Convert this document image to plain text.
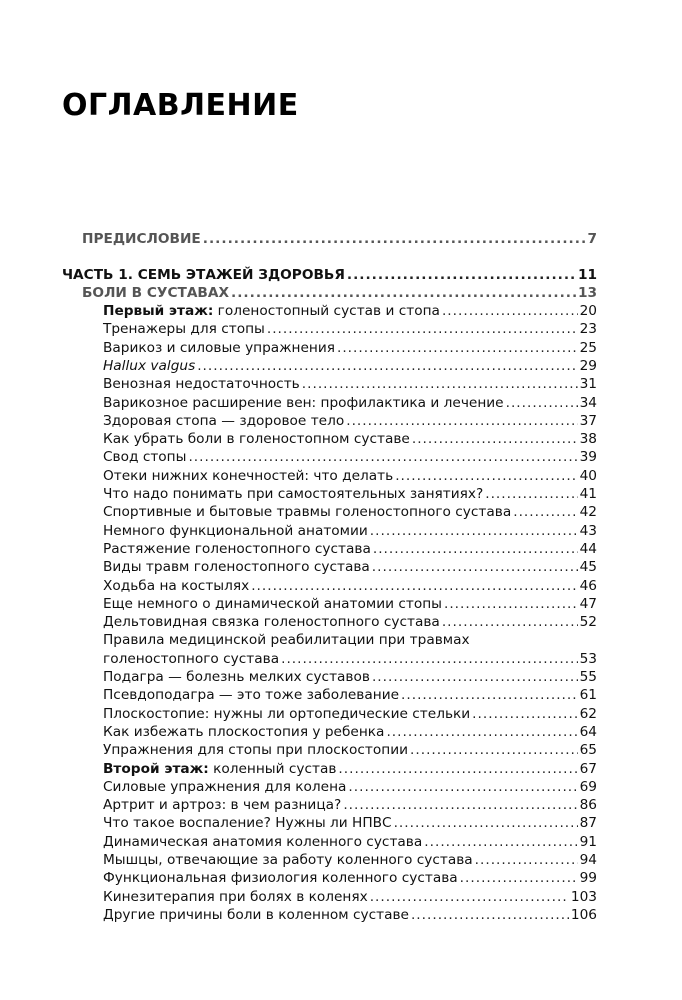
ОГЛАВЛЕНИЕ
ПРЕДИСЛОВИЕ .....	7
ЧАСТЬ 1. СЕМЬ ЭТАЖЕЙ ЗДОРОВЬЯ .....	11
БОЛИ В СУСТАВАХ .....	13
Первый этаж: голеностопный сустав и стопа .....	20
Тренажеры для стопы .....	23
Варикоз и силовые упражнения .....	25
Hallux valgus .....	29
Венозная недостаточность .....	31
Варикозное расширение вен: профилактика и лечение .....	34
Здоровая стопа — здоровое тело .....	37
Как убрать боли в голеностопном суставе .....	38
Свод стопы .....	39
Отеки нижних конечностей: что делать .....	40
Что надо понимать при самостоятельных занятиях? .....	41
Спортивные и бытовые травмы голеностопного сустава .....	42
Немного функциональной анатомии .....	43
Растяжение голеностопного сустава .....	44
Виды травм голеностопного сустава .....	45
Ходьба на костылях .....	46
Еще немного о динамической анатомии стопы .....	47
Дельтовидная связка голеностопного сустава .....	52
Правила медицинской реабилитации при травмах
голеностопного сустава .....	53
Подагра — болезнь мелких суставов .....	55
Псевдоподагра — это тоже заболевание .....	61
Плоскостопие: нужны ли ортопедические стельки .....	62
Как избежать плоскостопия у ребенка .....	64
Упражнения для стопы при плоскостопии .....	65
Второй этаж: коленный сустав .....	67
Силовые упражнения для колена .....	69
Артрит и артроз: в чем разница? .....	86
Что такое воспаление? Нужны ли НПВС .....	87
Динамическая анатомия коленного сустава .....	91
Мышцы, отвечающие за работу коленного сустава .....	94
Функциональная физиология коленного сустава .....	99
Кинезитерапия при болях в коленях .....	103
Другие причины боли в коленном суставе .....	106
